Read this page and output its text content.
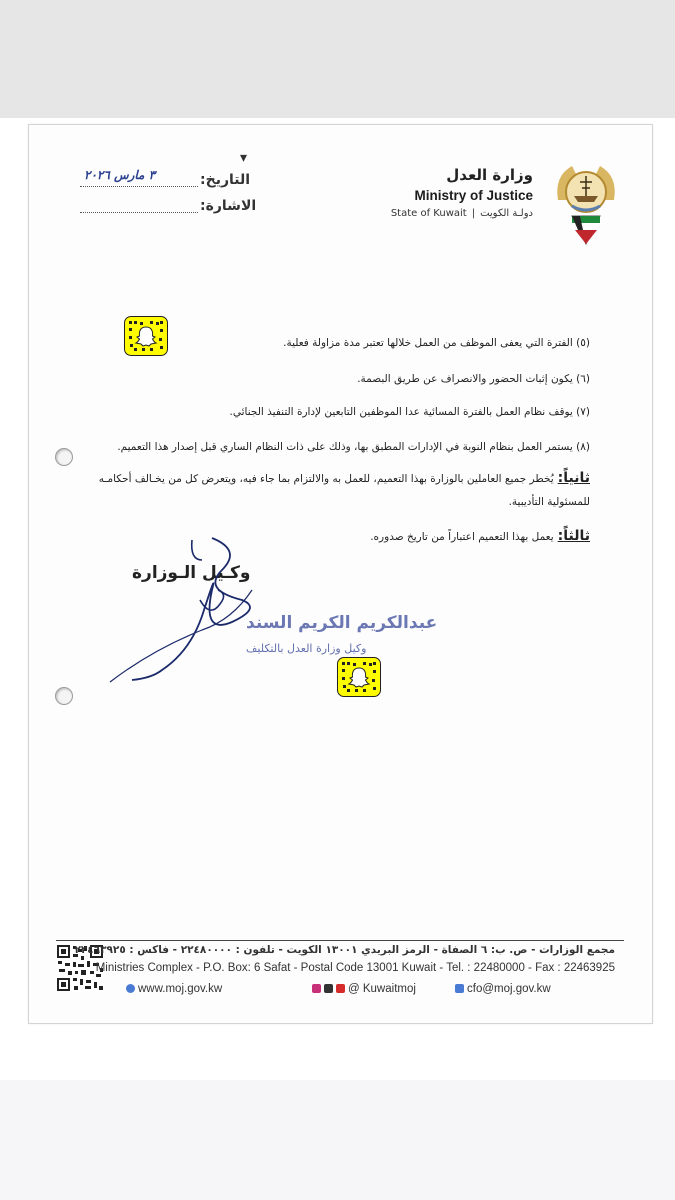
وزارة العدل
Ministry of Justice
State of Kuwait | دولـة الكويت
▾
التاريخ:
٣ مارس ٢٠٢٦
الاشارة:
(٥) الفترة التي يعفى الموظف من العمل خلالها تعتبر مدة مزاولة فعلية.
(٦) يكون إثبات الحضور والانصراف عن طريق البصمة.
(٧) يوقف نظام العمل بالفترة المسائية عدا الموظفين التابعين لإدارة التنفيذ الجنائي.
(٨) يستمر العمل بنظام النوبة في الإدارات المطبق بها، وذلك على ذات النظام الساري قبل إصدار هذا التعميم.
ثانياً:يُخطر جميع العاملين بالوزارة بهذا التعميم، للعمل به والالتزام بما جاء فيه، ويتعرض كل من يخـالف أحكامـه
للمسئولية التأديبية.
ثالثاً:يعمل بهذا التعميم اعتباراً من تاريخ صدوره.
وكـيل الـوزارة
عبدالكريم الكريم السند
وكيل وزارة العدل بالتكليف
مجمع الوزارات - ص. ب: ٦ الصفاة - الرمز البريدي ١٣٠٠١ الكويت - تلفون : ٢٢٤٨٠٠٠٠ - فاكس : ٢٢٤٦٣٩٢٥
Ministries Complex - P.O. Box: 6 Safat - Postal Code 13001 Kuwait - Tel. : 22480000 - Fax : 22463925
www.moj.gov.kw	@ Kuwaitmoj	cfo@moj.gov.kw
